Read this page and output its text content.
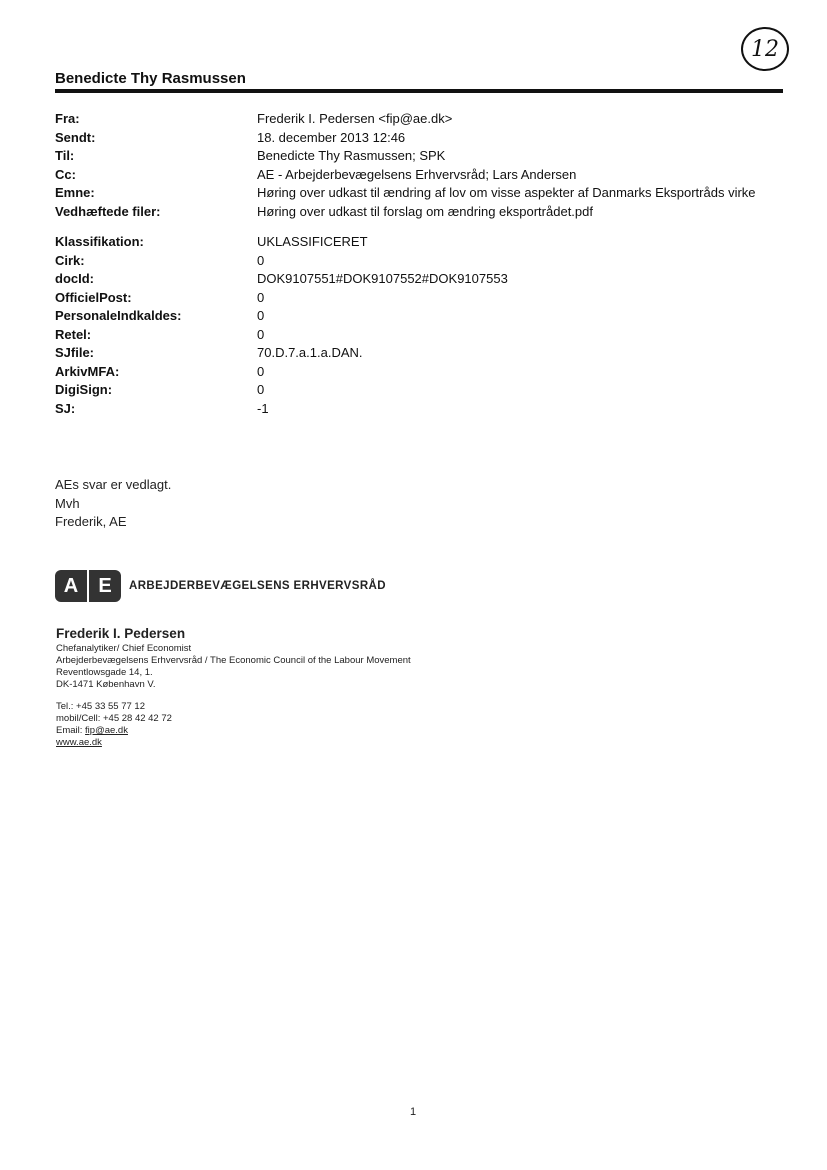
12
Benedicte Thy Rasmussen
Fra:	Frederik I. Pedersen <fip@ae.dk>
Sendt:	18. december 2013 12:46
Til:	Benedicte Thy Rasmussen; SPK
Cc:	AE - Arbejderbevægelsens Erhvervsråd; Lars Andersen
Emne:	Høring over udkast til ændring af lov om visse aspekter af Danmarks Eksportråds virke
Vedhæftede filer:	Høring over udkast til forslag om ændring eksportrådet.pdf
Klassifikation:	UKLASSIFICERET
Cirk:	0
docId:	DOK9107551#DOK9107552#DOK9107553
OfficielPost:	0
PersonaleIndkaldes:	0
Retel:	0
SJfile:	70.D.7.a.1.a.DAN.
ArkivMFA:	0
DigiSign:	0
SJ:	-1
AEs svar er vedlagt.
Mvh
Frederik, AE
A	E	ARBEJDERBEVÆGELSENS ERHVERVSRÅD
Frederik I. Pedersen
Chefanalytiker/ Chief Economist
Arbejderbevægelsens Erhvervsråd / The Economic Council of the Labour Movement
Reventlowsgade 14, 1.
DK-1471 København V.
Tel.: +45 33 55 77 12
mobil/Cell: +45 28 42 42 72
Email: fip@ae.dk
www.ae.dk
1
